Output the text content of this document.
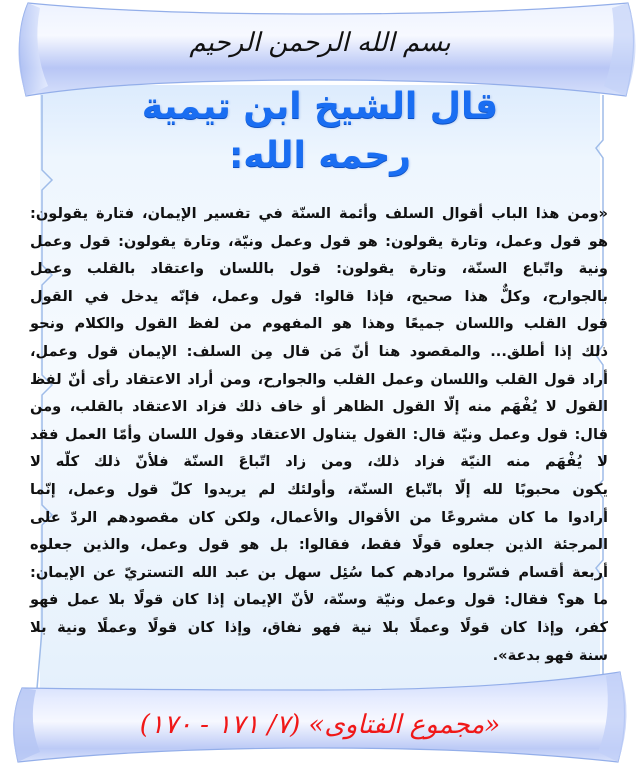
بسم الله الرحمن الرحيم
قال الشيخ ابن تيمية
رحمه الله:
«ومن هذا الباب أقوال السلف وأئمة السنّة في تفسير الإيمان، فتارة يقولون:
هو قول وعمل، وتارة يقولون: هو قول وعمل ونيّة، وتارة يقولون: قول وعمل
ونية واتّباع السنّة، وتارة يقولون: قول باللسان واعتقاد بالقلب وعمل
بالجوارح، وكلٌّ هذا صحيح، فإذا قالوا: قول وعمل، فإنّه يدخل في القول
قول القلب واللسان جميعًا وهذا هو المفهوم من لفظ القول والكلام ونحو
ذلك إذا أطلق... والمقصود هنا أنّ مَن قال مِن السلف: الإيمان قول وعمل،
أراد قول القلب واللسان وعمل القلب والجوارح، ومن أراد الاعتقاد رأى أنّ لفظ
القول لا يُفْهَم منه إلّا القول الظاهر أو خاف ذلك فزاد الاعتقاد بالقلب، ومن
قال: قول وعمل ونيّة قال: القول يتناول الاعتقاد وقول اللسان وأمّا العمل فقد
لا يُفْهَم منه النيّة فزاد ذلك، ومن زاد اتّباعَ السنّة فلأنّ ذلك كلّه لا
يكون محبوبًا لله إلّا باتّباع السنّة، وأولئك لم يريدوا كلّ قول وعمل، إنّما
أرادوا ما كان مشروعًا من الأقوال والأعمال، ولكن كان مقصودهم الردّ على
المرجئة الذين جعلوه قولًا فقط، فقالوا: بل هو قول وعمل، والذين جعلوه
أربعة أقسام فسّروا مرادهم كما سُئِل سهل بن عبد الله التستريّ عن الإيمان:
ما هو؟ فقال: قول وعمل ونيّة وسنّة، لأنّ الإيمان إذا كان قولًا بلا عمل فهو
كفر، وإذا كان قولًا وعملًا بلا نية فهو نفاق، وإذا كان قولًا وعملًا ونية بلا
سنة فهو بدعة».
«مجموع الفتاوى» (٧/ ١٧١ - ١٧٠)
